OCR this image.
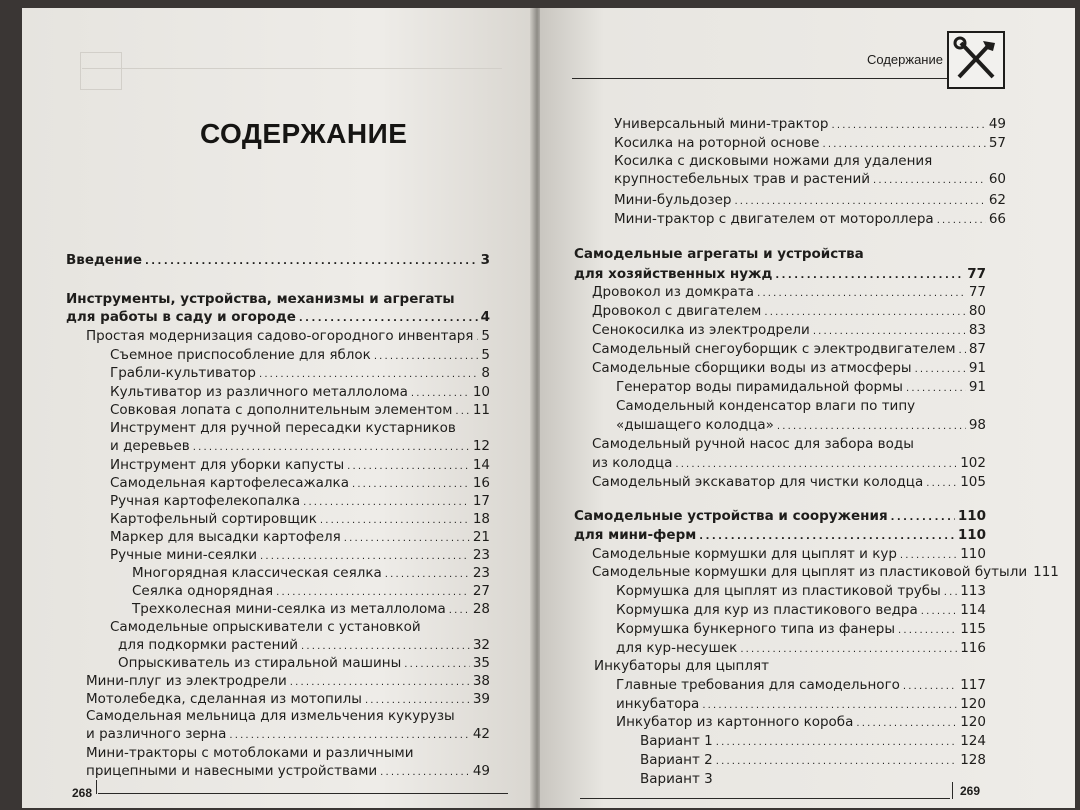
СОДЕРЖАНИЕ
Введение . . .	3
Инструменты, устройства, механизмы и агрегаты
для работы в саду и огороде . . .	4
Простая модернизация садово-огородного инвентаря . . . 5
Съемное приспособление для яблок . . .	5
Грабли-культиватор . . .	8
Культиватор из различного металлолома . . .	10
Совковая лопата с дополнительным элементом . . . 11
Инструмент для ручной пересадки кустарников
и деревьев . . .	12
Инструмент для уборки капусты . . .	14
Самодельная картофелесажалка . . .	16
Ручная картофелекопалка . . .	17
Картофельный сортировщик . . .	18
Маркер для высадки картофеля . . .	21
Ручные мини-сеялки . . .	23
Многорядная классическая сеялка . . .	23
Сеялка однорядная . . .	27
Трехколесная мини-сеялка из металлолома . . . 28
Самодельные опрыскиватели с установкой
для подкормки растений . . .	32
Опрыскиватель из стиральной машины . . .	35
Мини-плуг из электродрели . . .	38
Мотолебедка, сделанная из мотопилы . . .	39
Самодельная мельница для измельчения кукурузы
и различного зерна . . .	42
Мини-тракторы с мотоблоками и различными
прицепными и навесными устройствами . . .	49
268
Содержание
Универсальный мини-трактор . . .	49
Косилка на роторной основе . . .	57
Косилка с дисковыми ножами для удаления
крупностебельных трав и растений . . .	60
Мини-бульдозер . . .	62
Мини-трактор с двигателем от мотороллера . . .	66
Самодельные агрегаты и устройства
для хозяйственных нужд . . .	77
Дровокол из домкрата . . .	77
Дровокол с двигателем . . .	80
Сенокосилка из электродрели . . .	83
Самодельный снегоуборщик с электродвигателем . . . 87
Самодельные сборщики воды из атмосферы . . .	91
Генератор воды пирамидальной формы . . .	91
Самодельный конденсатор влаги по типу
«дышащего колодца» . . .	98
Самодельный ручной насос для забора воды
из колодца . . .	102
Самодельный экскаватор для чистки колодца . . .	105
Самодельные устройства и сооружения . . .	110
для мини-ферм . . .	110
Самодельные кормушки для цыплят и кур . . .	110
Самодельные кормушки для цыплят из пластиковой бутыли 111
Кормушка для цыплят из пластиковой трубы . . . 113
Кормушка для кур из пластикового ведра . . .	114
Кормушка бункерного типа из фанеры . . .	115
для кур-несушек . . .	116
Инкубаторы для цыплят
Главные требования для самодельного . . .	117
инкубатора . . .	120
Инкубатор из картонного короба . . .	120
Вариант 1 . . .	124
Вариант 2 . . .	128
Вариант 3
269
